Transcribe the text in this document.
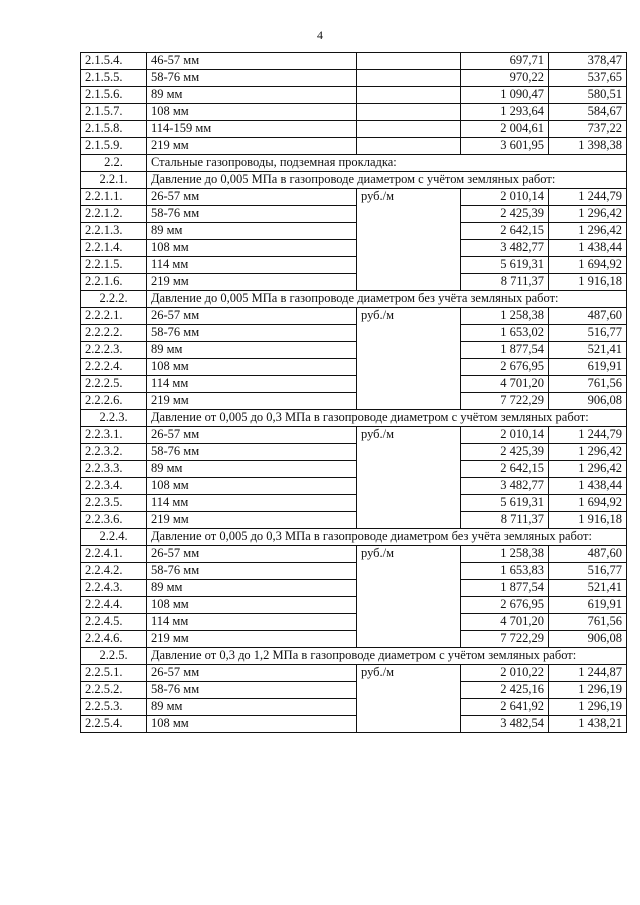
4
2.1.5.4.	46-57 мм		697,71	378,47
2.1.5.5.	58-76 мм		970,22	537,65
2.1.5.6.	89 мм		1 090,47	580,51
2.1.5.7.	108 мм		1 293,64	584,67
2.1.5.8.	114-159 мм		2 004,61	737,22
2.1.5.9.	219 мм		3 601,95	1 398,38
2.2.	Стальные газопроводы, подземная прокладка:			
2.2.1.	Давление до 0,005 МПа в газопроводе диаметром с учётом земляных работ:			
2.2.1.1.	26-57 мм	руб./м	2 010,14	1 244,79
2.2.1.2.	58-76 мм		2 425,39	1 296,42
2.2.1.3.	89 мм		2 642,15	1 296,42
2.2.1.4.	108 мм		3 482,77	1 438,44
2.2.1.5.	114 мм		5 619,31	1 694,92
2.2.1.6.	219 мм		8 711,37	1 916,18
2.2.2.	Давление до 0,005 МПа в газопроводе диаметром без учёта земляных работ:			
2.2.2.1.	26-57 мм	руб./м	1 258,38	487,60
2.2.2.2.	58-76 мм		1 653,02	516,77
2.2.2.3.	89 мм		1 877,54	521,41
2.2.2.4.	108 мм		2 676,95	619,91
2.2.2.5.	114 мм		4 701,20	761,56
2.2.2.6.	219 мм		7 722,29	906,08
2.2.3.	Давление от 0,005 до 0,3 МПа в газопроводе диаметром с учётом земляных работ:			
2.2.3.1.	26-57 мм	руб./м	2 010,14	1 244,79
2.2.3.2.	58-76 мм		2 425,39	1 296,42
2.2.3.3.	89 мм		2 642,15	1 296,42
2.2.3.4.	108 мм		3 482,77	1 438,44
2.2.3.5.	114 мм		5 619,31	1 694,92
2.2.3.6.	219 мм		8 711,37	1 916,18
2.2.4.	Давление от 0,005 до 0,3 МПа в газопроводе диаметром без учёта земляных работ:			
2.2.4.1.	26-57 мм	руб./м	1 258,38	487,60
2.2.4.2.	58-76 мм		1 653,83	516,77
2.2.4.3.	89 мм		1 877,54	521,41
2.2.4.4.	108 мм		2 676,95	619,91
2.2.4.5.	114 мм		4 701,20	761,56
2.2.4.6.	219 мм		7 722,29	906,08
2.2.5.	Давление от 0,3 до 1,2 МПа в газопроводе диаметром с учётом земляных работ:			
2.2.5.1.	26-57 мм	руб./м	2 010,22	1 244,87
2.2.5.2.	58-76 мм		2 425,16	1 296,19
2.2.5.3.	89 мм		2 641,92	1 296,19
2.2.5.4.	108 мм		3 482,54	1 438,21
